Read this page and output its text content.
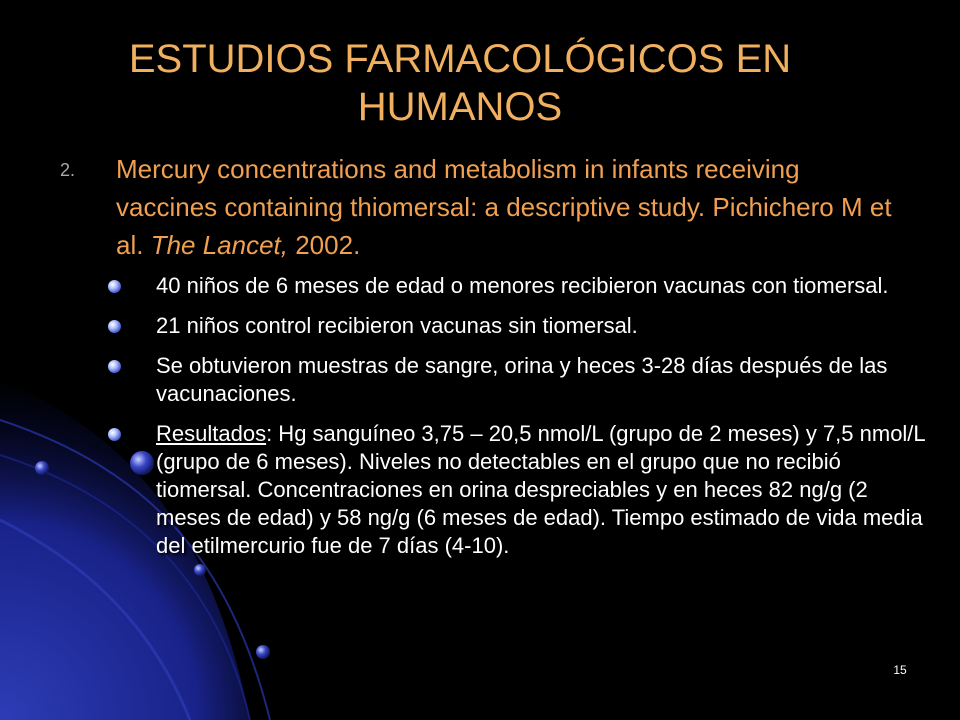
ESTUDIOS FARMACOLÓGICOS EN
HUMANOS
2. Mercury concentrations and metabolism in infants receiving vaccines containing thiomersal: a descriptive study. Pichichero M et al. The Lancet, 2002.
40 niños de 6 meses de edad o menores recibieron vacunas con tiomersal.
21 niños control recibieron vacunas sin tiomersal.
Se obtuvieron muestras de sangre, orina y heces 3-28 días después de las vacunaciones.
Resultados: Hg sanguíneo 3,75 – 20,5 nmol/L (grupo de 2 meses) y 7,5 nmol/L (grupo de 6 meses). Niveles no detectables en el grupo que no recibió tiomersal. Concentraciones en orina despreciables y en heces 82 ng/g (2 meses de edad) y 58 ng/g (6 meses de edad). Tiempo estimado de vida media del etilmercurio fue de 7 días (4-10).
15
